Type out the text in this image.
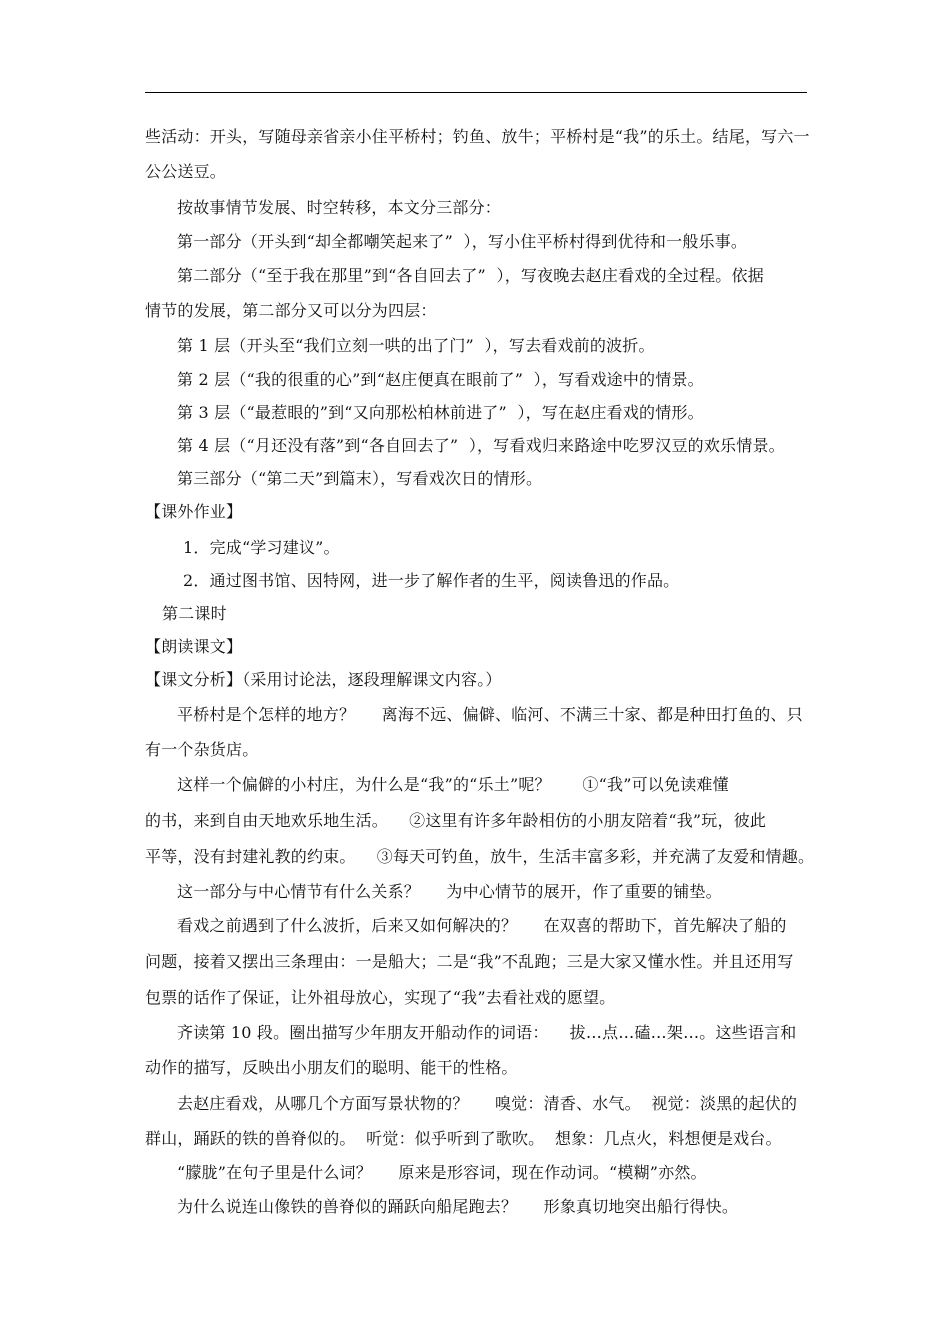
些活动：开头，写随母亲省亲小住平桥村；钓鱼、放牛；平桥村是“我”的乐土。结尾，写六一
公公送豆。
按故事情节发展、时空转移，本文分三部分：
第一部分（开头到“却全都嘲笑起来了”  ），写小住平桥村得到优待和一般乐事。
第二部分（“至于我在那里”到“各自回去了”  ），写夜晚去赵庄看戏的全过程。依据
情节的发展，第二部分又可以分为四层：
第 1 层（开头至“我们立刻一哄的出了门”  ），写去看戏前的波折。
第 2 层（“我的很重的心”到“赵庄便真在眼前了”  ），写看戏途中的情景。
第 3 层（“最惹眼的”到“又向那松柏林前进了”  ），写在赵庄看戏的情形。
第 4 层（“月还没有落”到“各自回去了”  ），写看戏归来路途中吃罗汉豆的欢乐情景。
第三部分（“第二天”到篇末），写看戏次日的情形。
【课外作业】
1．完成“学习建议”。
2．通过图书馆、因特网，进一步了解作者的生平，阅读鲁迅的作品。
第二课时
【朗读课文】
【课文分析】（采用讨论法，逐段理解课文内容。）
平桥村是个怎样的地方？     离海不远、偏僻、临河、不满三十家、都是种田打鱼的、只
有一个杂货店。
这样一个偏僻的小村庄，为什么是“我”的“乐土”呢？      ①“我”可以免读难懂
的书，来到自由天地欢乐地生活。    ②这里有许多年龄相仿的小朋友陪着“我”玩，彼此
平等，没有封建礼教的约束。    ③每天可钓鱼，放牛，生活丰富多彩，并充满了友爱和情趣。
这一部分与中心情节有什么关系？     为中心情节的展开，作了重要的铺垫。
看戏之前遇到了什么波折，后来又如何解决的？     在双喜的帮助下，首先解决了船的
问题，接着又摆出三条理由：一是船大；二是“我”不乱跑；三是大家又懂水性。并且还用写
包票的话作了保证，让外祖母放心，实现了“我”去看社戏的愿望。
齐读第 10 段。圈出描写少年朋友开船动作的词语：    拔…点…磕…架…。这些语言和
动作的描写，反映出小朋友们的聪明、能干的性格。
去赵庄看戏，从哪几个方面写景状物的？     嗅觉：清香、水气。  视觉：淡黑的起伏的
群山，踊跃的铁的兽脊似的。  听觉：似乎听到了歌吹。  想象：几点火，料想便是戏台。
“朦胧”在句子里是什么词？     原来是形容词，现在作动词。“模糊”亦然。
为什么说连山像铁的兽脊似的踊跃向船尾跑去？     形象真切地突出船行得快。
